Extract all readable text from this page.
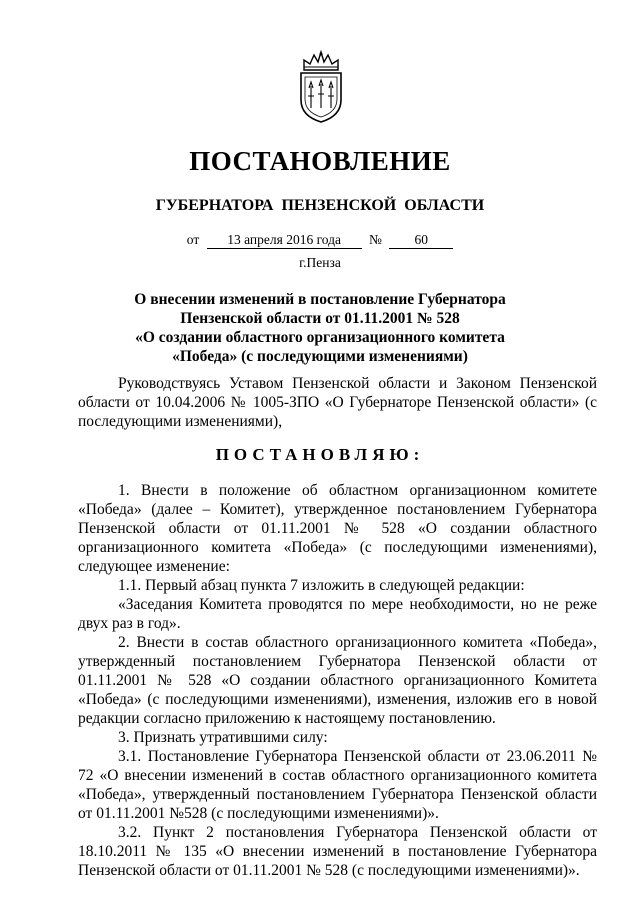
ПОСТАНОВЛЕНИЕ
ГУБЕРНАТОРА ПЕНЗЕНСКОЙ ОБЛАСТИ
от 13 апреля 2016 года № 60
г.Пенза
О внесении изменений в постановление Губернатора
Пензенской области от 01.11.2001 № 528
«О создании областного организационного комитета
«Победа» (с последующими изменениями)

Руководствуясь Уставом Пензенской области и Законом Пензенской области от 10.04.2006 № 1005-ЗПО «О Губернаторе Пензенской области» (с последующими изменениями),

ПОСТАНОВЛЯЮ:

1. Внести в положение об областном организационном комитете «Победа» (далее – Комитет), утвержденное постановлением Губернатора Пензенской области от 01.11.2001 № 528 «О создании областного организационного комитета «Победа» (с последующими изменениями), следующее изменение:

1.1. Первый абзац пункта 7 изложить в следующей редакции:

«Заседания Комитета проводятся по мере необходимости, но не реже двух раз в год».

2. Внести в состав областного организационного комитета «Победа», утвержденный постановлением Губернатора Пензенской области от 01.11.2001 № 528 «О создании областного организационного Комитета «Победа» (с последующими изменениями), изменения, изложив его в новой редакции согласно приложению к настоящему постановлению.

3. Признать утратившими силу:

3.1. Постановление Губернатора Пензенской области от 23.06.2011 № 72 «О внесении изменений в состав областного организационного комитета «Победа», утвержденный постановлением Губернатора Пензенской области от 01.11.2001 №528 (с последующими изменениями)».

3.2. Пункт 2 постановления Губернатора Пензенской области от 18.10.2011 № 135 «О внесении изменений в постановление Губернатора Пензенской области от 01.11.2001 № 528 (с последующими изменениями)».
